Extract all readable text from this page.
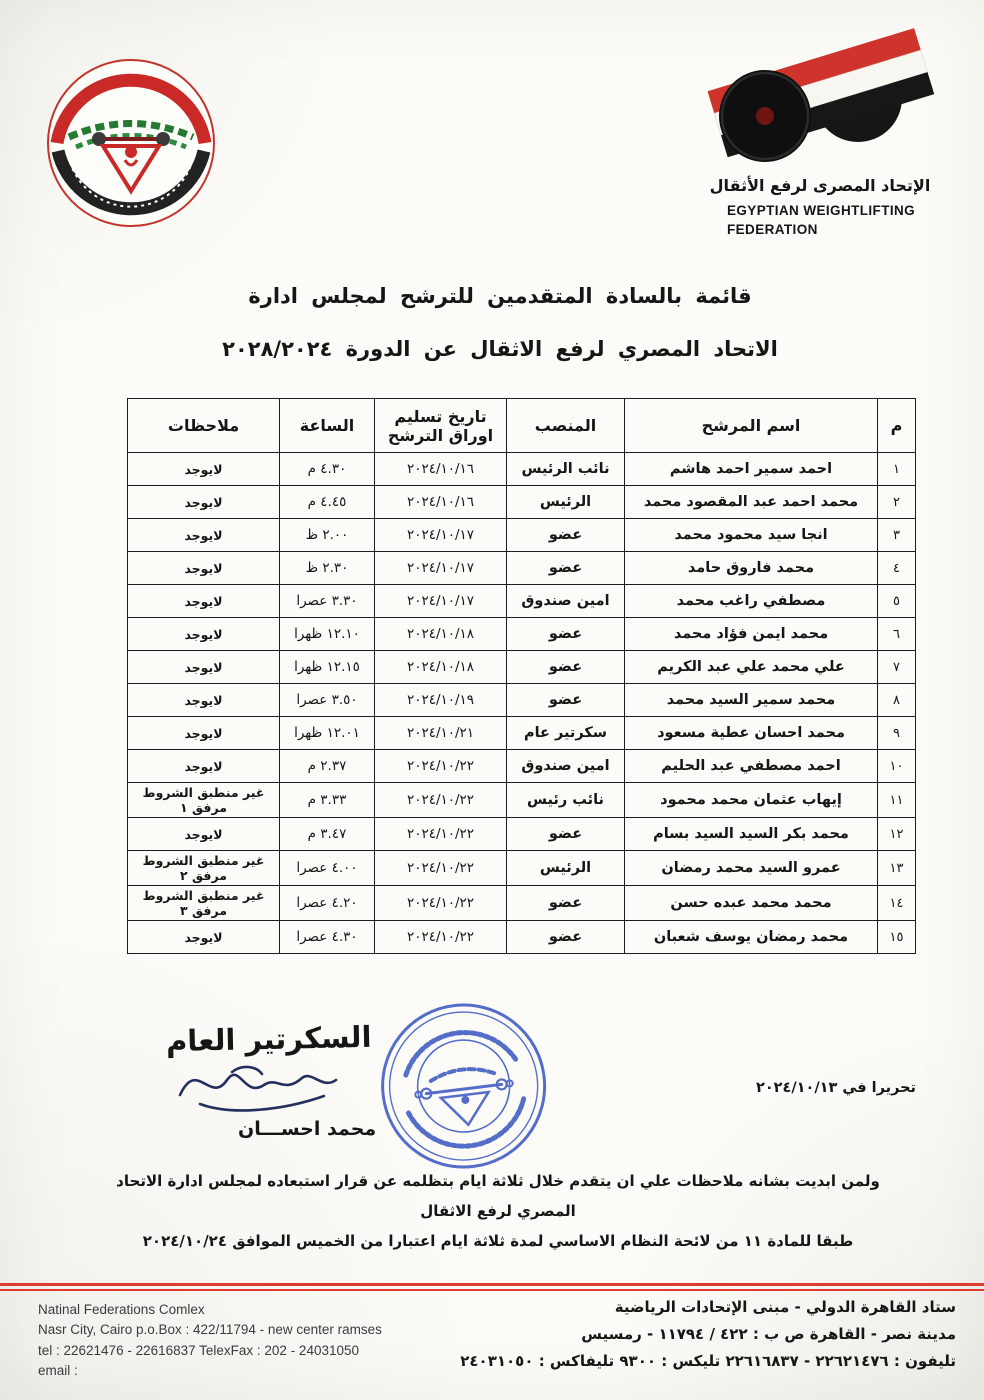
الإتحاد المصرى لرفع الأثقال
EGYPTIAN WEIGHTLIFTING
FEDERATION
قائمة بالسادة المتقدمين للترشح لمجلس ادارة
الاتحاد المصري لرفع الاثقال عن الدورة ٢٠٢٨/٢٠٢٤
م	اسم المرشح	المنصب	تاريخ تسليم اوراق الترشح	الساعة	ملاحظات
١	احمد سمير احمد هاشم	نائب الرئيس	٢٠٢٤/١٠/١٦	٤.٣٠ م	لايوجد
٢	محمد احمد عبد المقصود محمد	الرئيس	٢٠٢٤/١٠/١٦	٤.٤٥ م	لايوجد
٣	انجا سيد محمود محمد	عضو	٢٠٢٤/١٠/١٧	٢.٠٠ ظ	لايوجد
٤	محمد فاروق حامد	عضو	٢٠٢٤/١٠/١٧	٢.٣٠ ظ	لايوجد
٥	مصطفي راغب محمد	امين صندوق	٢٠٢٤/١٠/١٧	٣.٣٠ عصرا	لايوجد
٦	محمد ايمن فؤاد محمد	عضو	٢٠٢٤/١٠/١٨	١٢.١٠ ظهرا	لايوجد
٧	علي محمد علي عبد الكريم	عضو	٢٠٢٤/١٠/١٨	١٢.١٥ ظهرا	لايوجد
٨	محمد سمير السيد محمد	عضو	٢٠٢٤/١٠/١٩	٣.٥٠ عصرا	لايوجد
٩	محمد احسان عطية مسعود	سكرتير عام	٢٠٢٤/١٠/٢١	١٢.٠١ ظهرا	لايوجد
١٠	احمد مصطفي عبد الحليم	امين صندوق	٢٠٢٤/١٠/٢٢	٢.٣٧ م	لايوجد
١١	إيهاب عثمان محمد محمود	نائب رئيس	٢٠٢٤/١٠/٢٢	٣.٣٣ م	غير منطبق الشروط مرفق ١
١٢	محمد بكر السيد السيد بسام	عضو	٢٠٢٤/١٠/٢٢	٣.٤٧ م	لايوجد
١٣	عمرو السيد محمد رمضان	الرئيس	٢٠٢٤/١٠/٢٢	٤.٠٠ عصرا	غير منطبق الشروط مرفق ٢
١٤	محمد محمد عبده حسن	عضو	٢٠٢٤/١٠/٢٢	٤.٢٠ عصرا	غير منطبق الشروط مرفق ٣
١٥	محمد رمضان يوسف شعبان	عضو	٢٠٢٤/١٠/٢٢	٤.٣٠ عصرا	لايوجد
السكرتير العام
محمد احســـان
تحريرا في ٢٠٢٤/١٠/١٣
ولمن ابديت بشانه ملاحظات علي ان يتقدم خلال ثلاثة ايام بتظلمه عن قرار استبعاده لمجلس ادارة الاتحاد المصري لرفع الاثقال
طبقا للمادة ١١ من لائحة النظام الاساسي لمدة ثلاثة ايام اعتبارا من الخميس الموافق ٢٠٢٤/١٠/٢٤
Natinal Federations Comlex
Nasr City, Cairo p.o.Box : 422/11794 - new center ramses
tel : 22621476 - 22616837 TelexFax : 202 - 24031050
email :
ستاد القاهرة الدولي - مبنى الإتحادات الرياضية
مدينة نصر - القاهرة ص ب : ٤٢٢ / ١١٧٩٤ - رمسيس
تليفون : ٢٢٦٢١٤٧٦ - ٢٢٦١٦٨٣٧ تليكس : ٩٣٠٠ تليفاكس : ٢٤٠٣١٠٥٠
